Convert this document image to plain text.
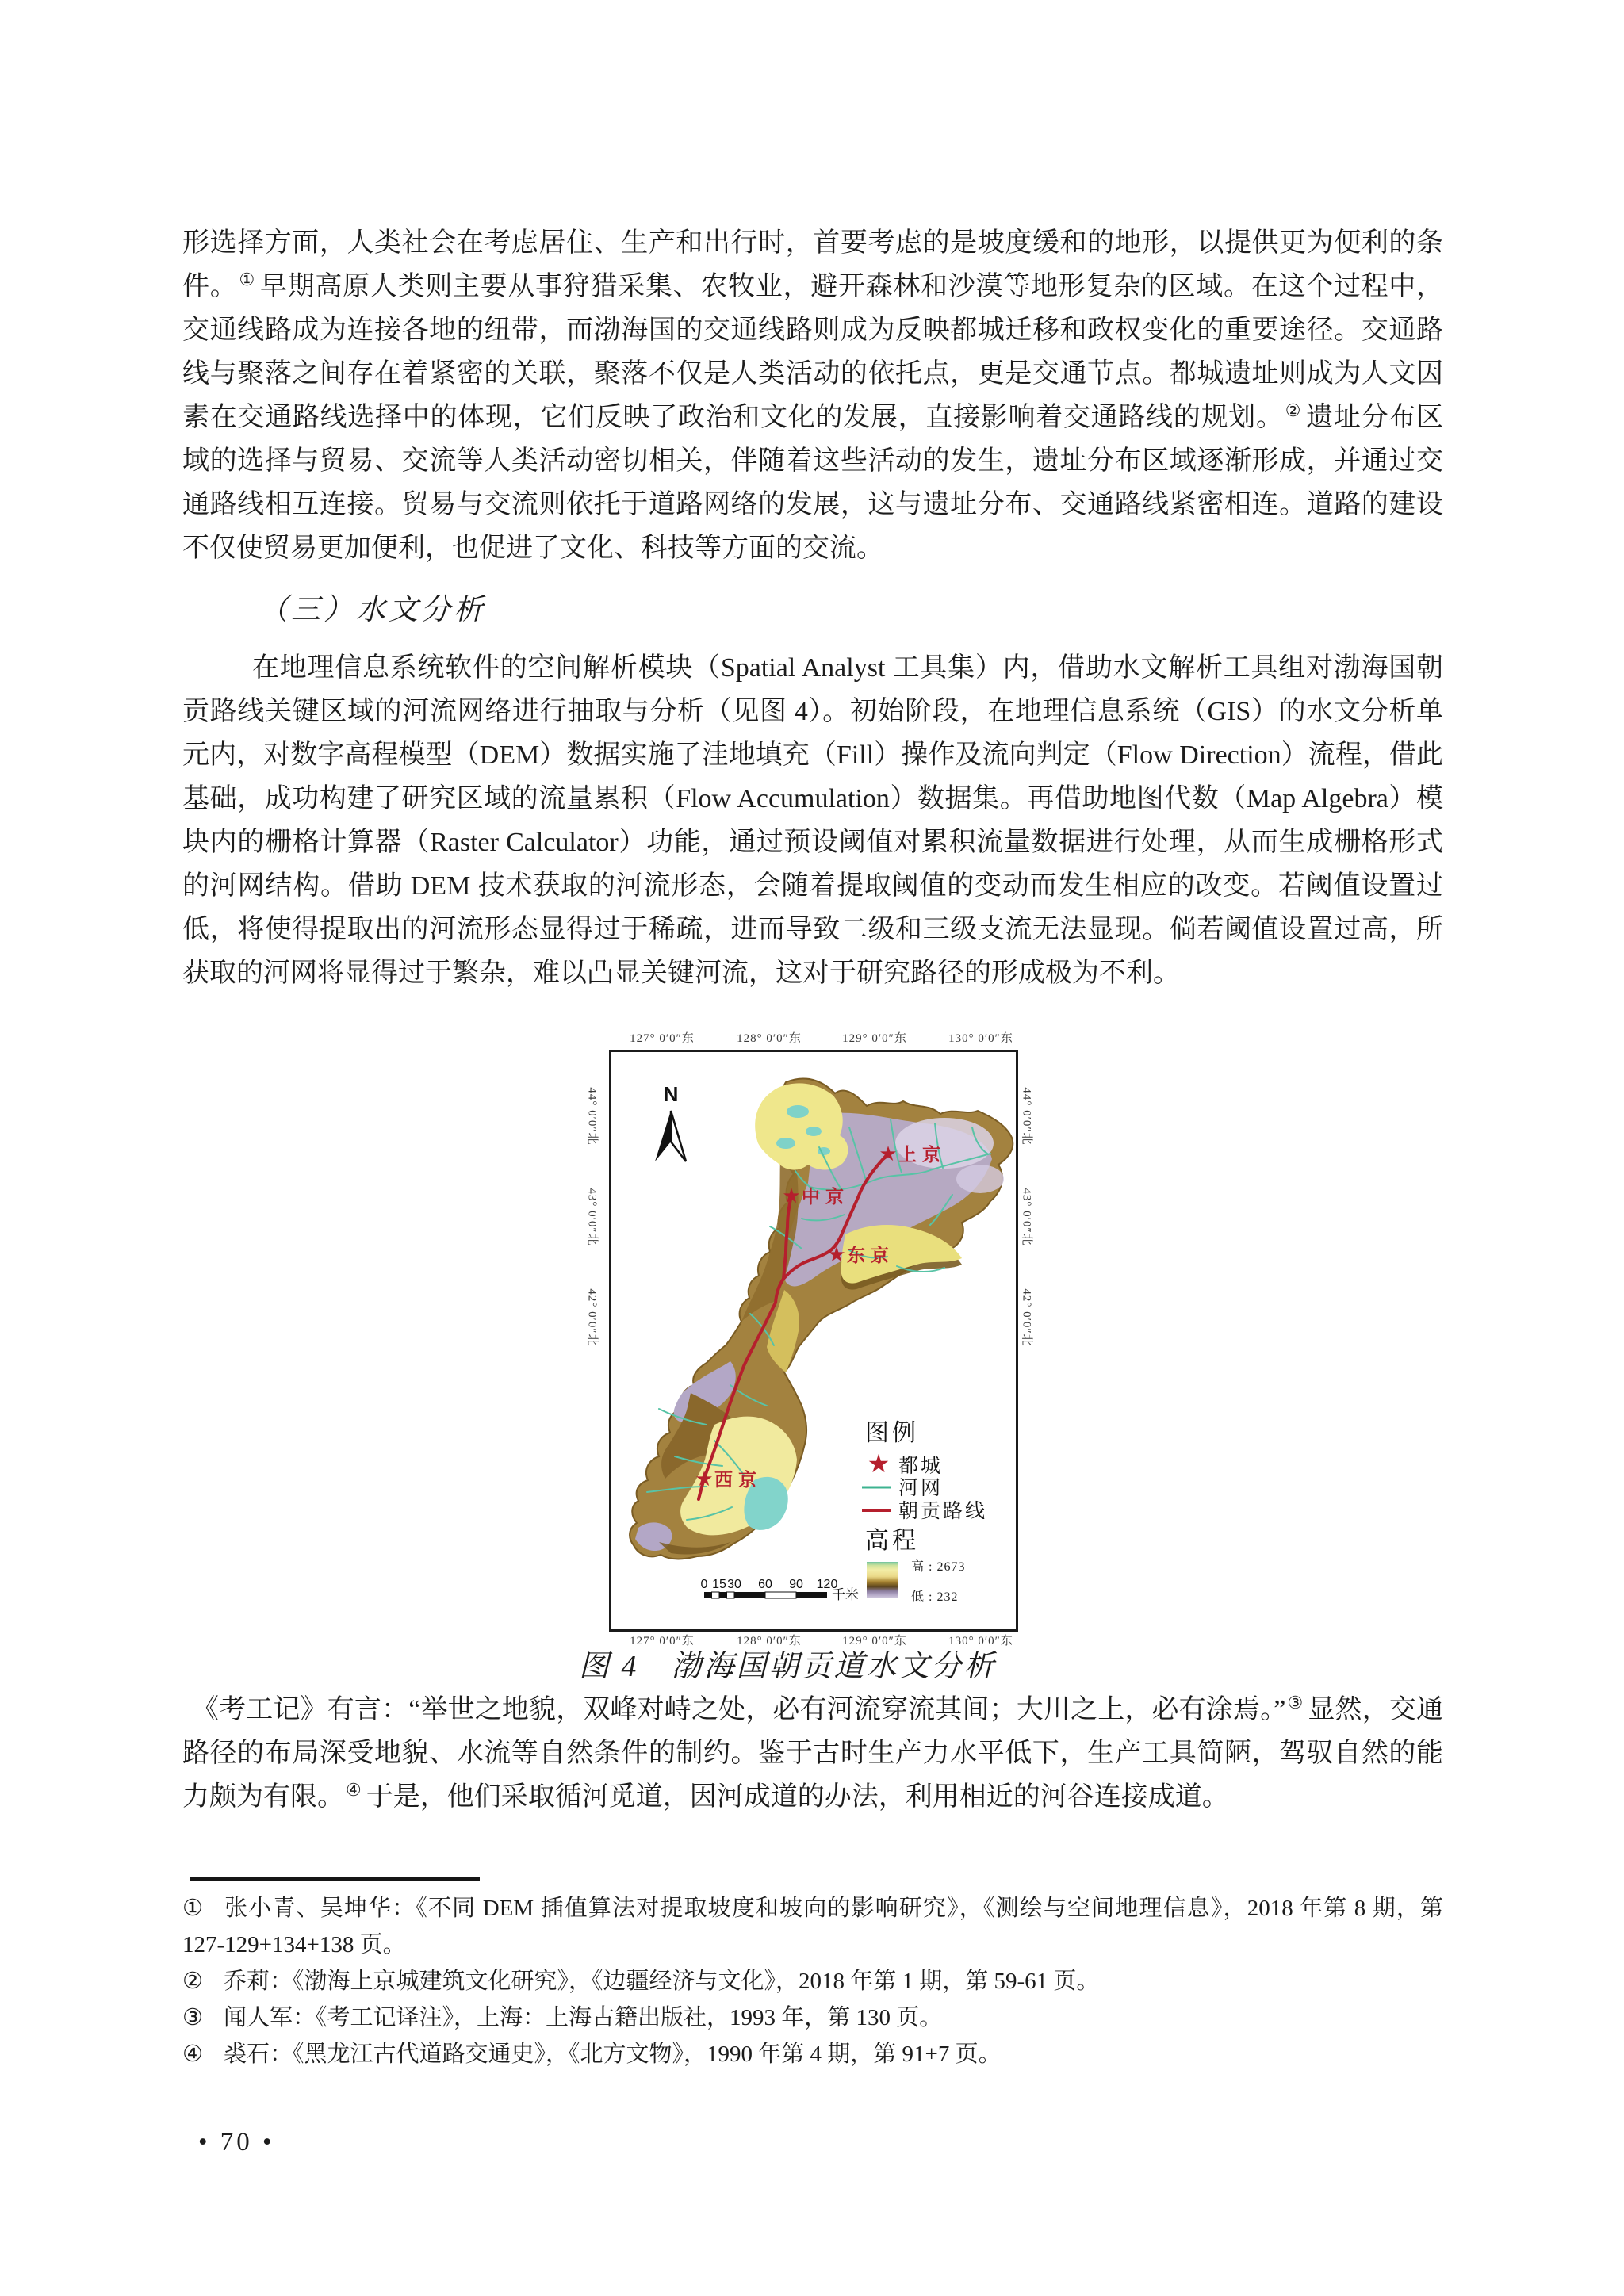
形选择方面，人类社会在考虑居住、生产和出行时，首要考虑的是坡度缓和的地形，以提供更为便利的条件。① 早期高原人类则主要从事狩猎采集、农牧业，避开森林和沙漠等地形复杂的区域。在这个过程中，交通线路成为连接各地的纽带，而渤海国的交通线路则成为反映都城迁移和政权变化的重要途径。交通路线与聚落之间存在着紧密的关联，聚落不仅是人类活动的依托点，更是交通节点。都城遗址则成为人文因素在交通路线选择中的体现，它们反映了政治和文化的发展，直接影响着交通路线的规划。② 遗址分布区域的选择与贸易、交流等人类活动密切相关，伴随着这些活动的发生，遗址分布区域逐渐形成，并通过交通路线相互连接。贸易与交流则依托于道路网络的发展，这与遗址分布、交通路线紧密相连。道路的建设不仅使贸易更加便利，也促进了文化、科技等方面的交流。
（三）水文分析
在地理信息系统软件的空间解析模块（Spatial Analyst 工具集）内，借助水文解析工具组对渤海国朝贡路线关键区域的河流网络进行抽取与分析（见图 4）。初始阶段，在地理信息系统（GIS）的水文分析单元内，对数字高程模型（DEM）数据实施了洼地填充（Fill）操作及流向判定（Flow Direction）流程，借此基础，成功构建了研究区域的流量累积（Flow Accumulation）数据集。再借助地图代数（Map Algebra）模块内的栅格计算器（Raster Calculator）功能，通过预设阈值对累积流量数据进行处理，从而生成栅格形式的河网结构。借助 DEM 技术获取的河流形态，会随着提取阈值的变动而发生相应的改变。若阈值设置过低，将使得提取出的河流形态显得过于稀疏，进而导致二级和三级支流无法显现。倘若阈值设置过高，所获取的河网将显得过于繁杂，难以凸显关键河流，这对于研究路径的形成极为不利。
127° 0′0″东	128° 0′0″东	129° 0′0″东	130° 0′0″东
44° 0′0″北
43° 0′0″北
42° 0′0″北
44° 0′0″北
43° 0′0″北
42° 0′0″北
★ 上京
★ 中京
★ 东京
★ 西京
N
图例
★ 都城
河网
朝贡路线
高程
高 : 2673
低 : 232
0 15 30 60 90 120
千米
127° 0′0″东	128° 0′0″东	129° 0′0″东	130° 0′0″东
图 4　渤海国朝贡道水文分析
《考工记》有言：“举世之地貌，双峰对峙之处，必有河流穿流其间；大川之上，必有涂焉。”③ 显然，交通路径的布局深受地貌、水流等自然条件的制约。鉴于古时生产力水平低下，生产工具简陋，驾驭自然的能力颇为有限。④ 于是，他们采取循河觅道，因河成道的办法，利用相近的河谷连接成道。
① 张小青、吴坤华：《不同 DEM 插值算法对提取坡度和坡向的影响研究》，《测绘与空间地理信息》，2018 年第 8 期，第 127-129+134+138 页。
② 乔莉：《渤海上京城建筑文化研究》，《边疆经济与文化》，2018 年第 1 期，第 59-61 页。
③ 闻人军：《考工记译注》，上海：上海古籍出版社，1993 年，第 130 页。
④ 裘石：《黑龙江古代道路交通史》，《北方文物》，1990 年第 4 期，第 91+7 页。
• 70 •
